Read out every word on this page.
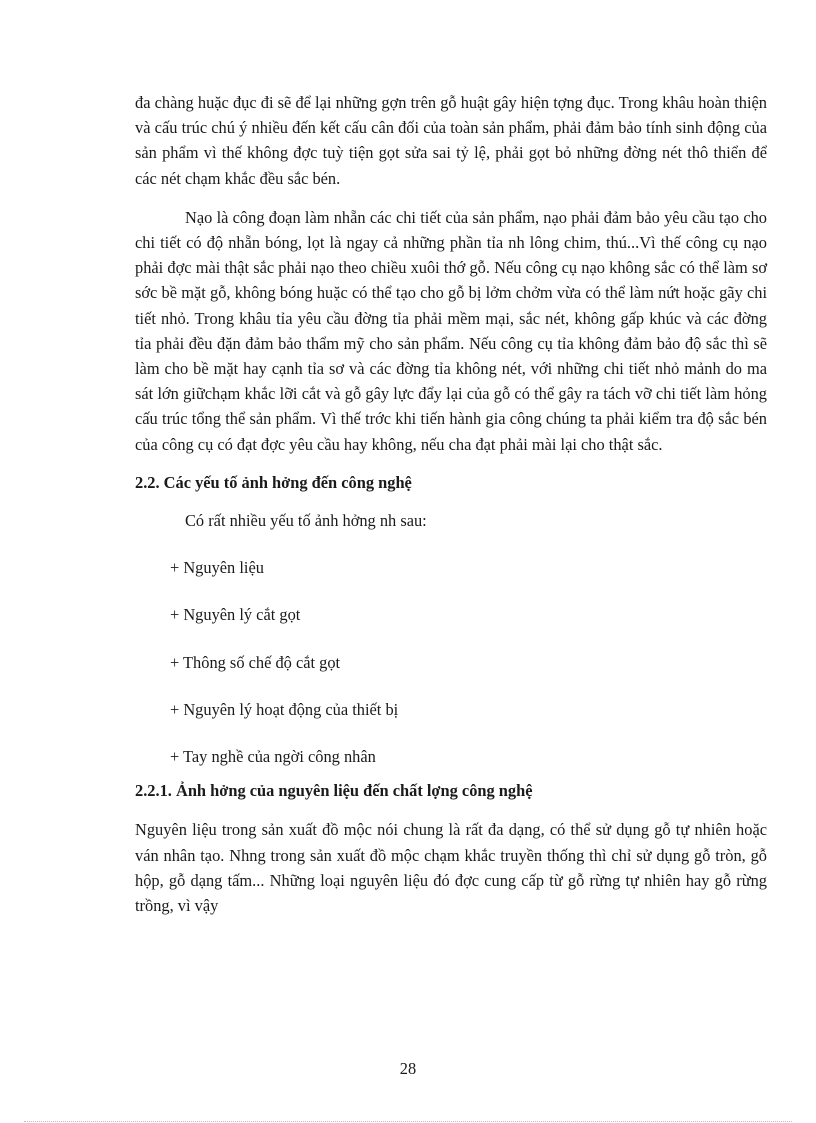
đa chàng huặc đục đi sẽ để lại những gợn trên gỗ huật gây hiện tợng đục. Trong khâu hoàn thiện và cấu trúc chú ý nhiều đến kết cấu cân đối của toàn sản phẩm, phải đảm bảo tính sinh động của sản phẩm vì thế không đợc tuỳ tiện gọt sửa sai tỷ lệ, phải gọt bỏ những đờng nét thô thiển để các nét chạm khắc đều sắc bén.

Nạo là công đoạn làm nhẵn các chi tiết của sản phẩm, nạo phải đảm bảo yêu cầu tạo cho chi tiết có độ nhẵn bóng, lọt là ngay cả những phần tỉa nh lông chim, thú...Vì thế công cụ nạo phải đợc mài thật sắc phải nạo theo chiều xuôi thớ gỗ. Nếu công cụ nạo không sắc có thể làm sơ sớc bề mặt gỗ, không bóng huặc có thể tạo cho gỗ bị lởm chởm vừa có thể làm nứt hoặc gãy chi tiết nhỏ. Trong khâu tỉa yêu cầu đờng tỉa phải mềm mại, sắc nét, không gấp khúc và các đờng tỉa phải đều đặn đảm bảo thẩm mỹ cho sản phẩm. Nếu công cụ tỉa không đảm bảo độ sắc thì sẽ làm cho bề mặt hay cạnh tỉa sơ và các đờng tỉa không nét, với những chi tiết nhỏ mảnh do ma sát lớn giữchạm khắc lỡi cắt và gỗ gây lực đẩy lại của gỗ có thể gây ra tách vỡ chi tiết làm hỏng cấu trúc tổng thể sản phẩm. Vì thế trớc khi tiến hành gia công chúng ta phải kiểm tra độ sắc bén của công cụ có đạt đợc yêu cầu hay không, nếu cha đạt phải mài lại cho thật sắc.

2.2. Các yếu tố ảnh hởng đến công nghệ

Có rất nhiều yếu tố ảnh hởng nh sau:

+ Nguyên liệu
+ Nguyên lý cắt gọt
+ Thông số chế độ cắt gọt
+ Nguyên lý hoạt động của thiết bị
+ Tay nghề của ngời công nhân
2.2.1. Ảnh hởng của nguyên liệu đến chất lợng công nghệ

Nguyên liệu trong sản xuất đồ mộc nói chung là rất đa dạng, có thể sử dụng gỗ tự nhiên hoặc ván nhân tạo. Nhng trong sản xuất đồ mộc chạm khắc truyền thống thì chỉ sử dụng gỗ tròn, gỗ hộp, gỗ dạng tấm... Những loại nguyên liệu đó đợc cung cấp từ gỗ rừng tự nhiên hay gỗ rừng trồng, vì vậy

28
